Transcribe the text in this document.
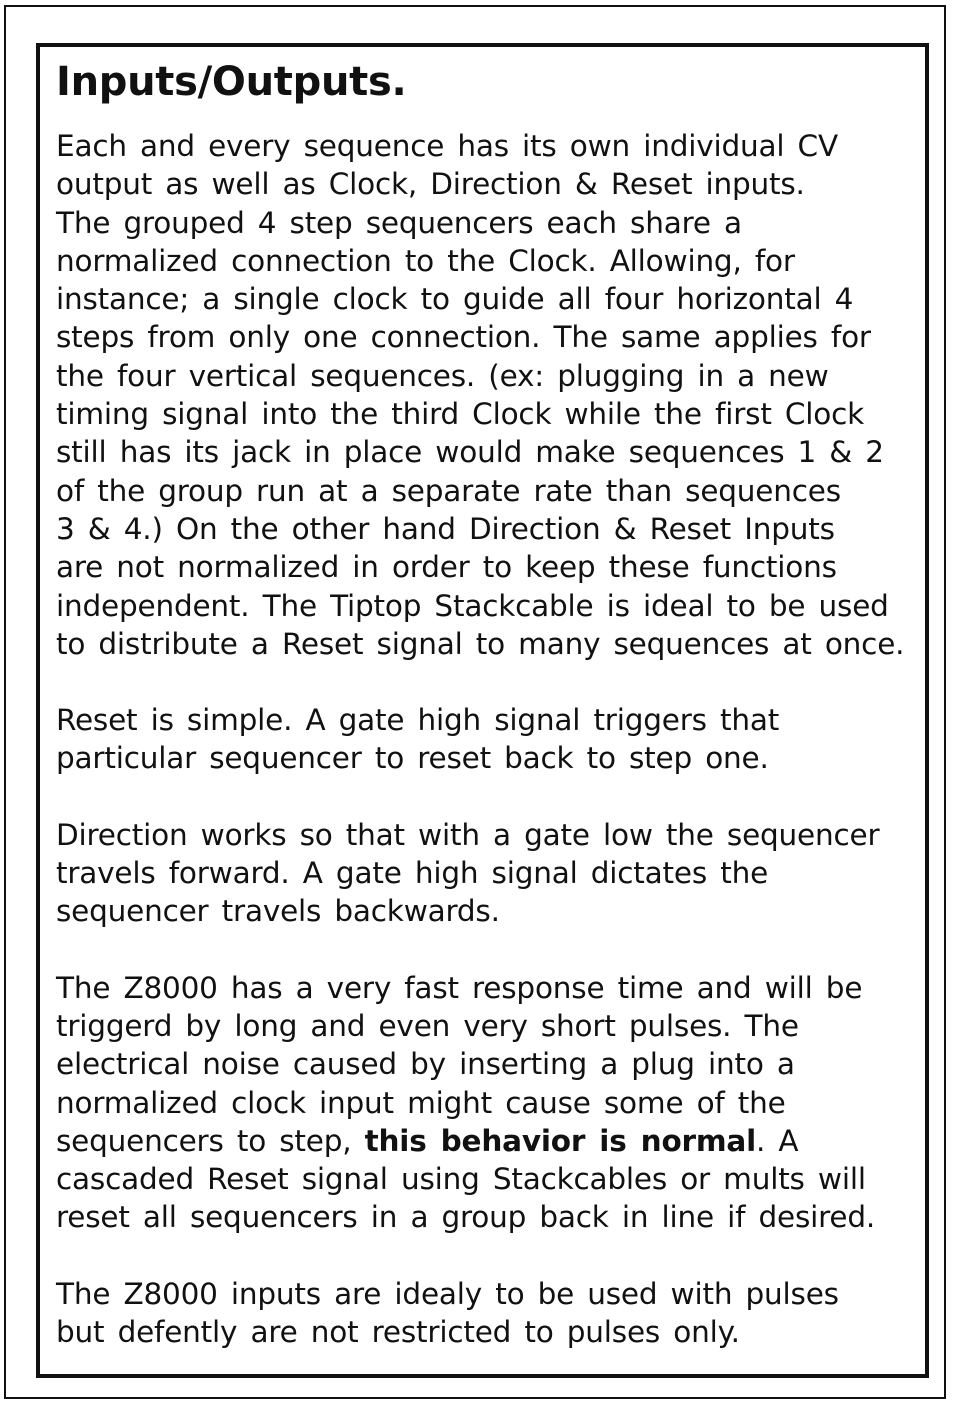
Inputs/Outputs.

Each and every sequence has its own individual CV
output as well as Clock, Direction & Reset inputs.
The grouped 4 step sequencers each share a
normalized connection to the Clock. Allowing, for
instance; a single clock to guide all four horizontal 4
steps from only one connection. The same applies for
the four vertical sequences. (ex: plugging in a new
timing signal into the third Clock while the first Clock
still has its jack in place would make sequences 1 & 2
of the group run at a separate rate than sequences
3 & 4.) On the other hand Direction & Reset Inputs
are not normalized in order to keep these functions
independent. The Tiptop Stackcable is ideal to be used
to distribute a Reset signal to many sequences at once.

Reset is simple. A gate high signal triggers that
particular sequencer to reset back to step one.

Direction works so that with a gate low the sequencer
travels forward. A gate high signal dictates the
sequencer travels backwards.

The Z8000 has a very fast response time and will be
triggerd by long and even very short pulses. The
electrical noise caused by inserting a plug into a
normalized clock input might cause some of the
sequencers to step, this behavior is normal. A
cascaded Reset signal using Stackcables or mults will
reset all sequencers in a group back in line if desired.

The Z8000 inputs are idealy to be used with pulses
but defently are not restricted to pulses only.
